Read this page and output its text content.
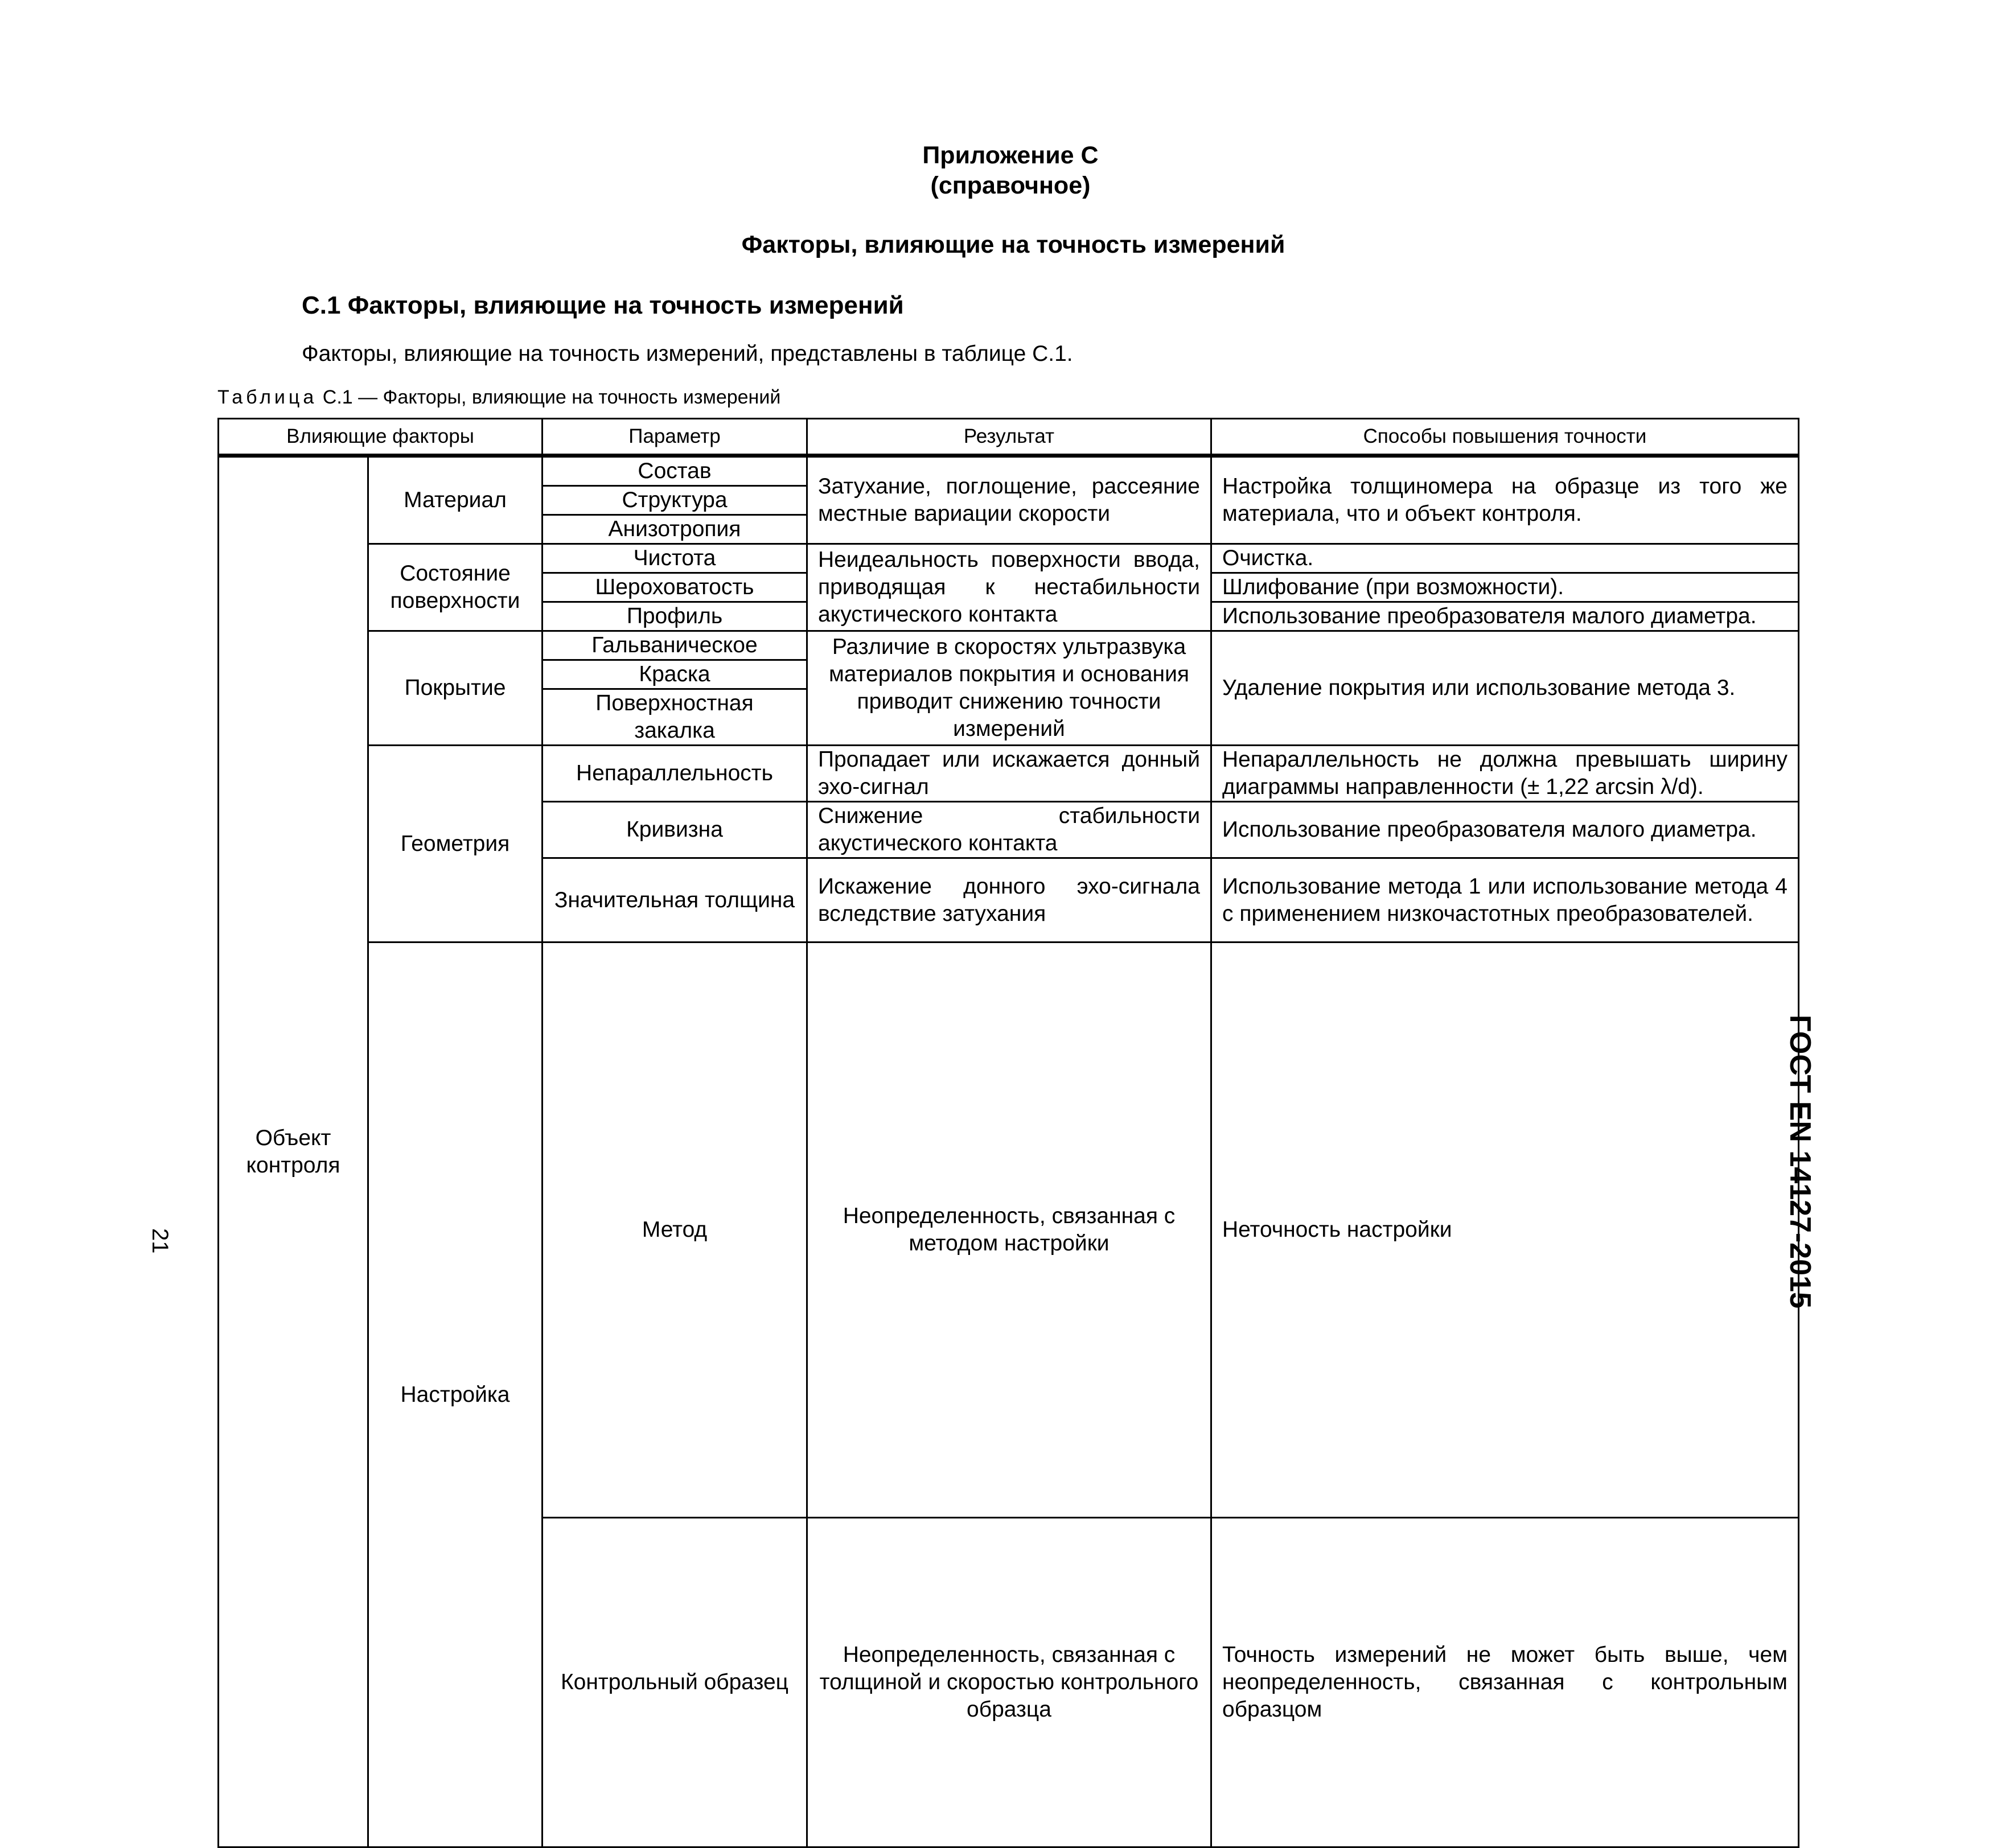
Приложение С
(справочное)
Факторы, влияющие на точность измерений
С.1 Факторы, влияющие на точность измерений
Факторы, влияющие на точность измерений, представлены в таблице С.1.
Таблица С.1 — Факторы, влияющие на точность измерений
Влияющие факторы		Параметр	Результат	Способы повышения точности	
Объект контроля	Материал	Состав	Затухание, поглощение, рассеяние местные вариации скорости	Настройка толщиномера на образце из того же материала, что и объект контроля.	
		Структура			
		Анизотропия			
	Состояние поверхности	Чистота	Неидеальность поверхности ввода, приводящая к нестабильности акустического контакта	Очистка.	
		Шероховатость		Шлифование (при возможности).	
		Профиль		Использование преобразователя малого диаметра.	
	Покрытие	Гальваническое	Различие в скоростях ультразвука материалов покрытия и основания приводит снижению точности измерений	Удаление покрытия или использование метода 3.	
		Краска			
		Поверхностная закалка			
	Геометрия	Непараллельность	Пропадает или искажается донный эхо-сигнал	Непараллельность не должна превышать ширину диаграммы направленности (± 1,22 arcsin λ/d).	
		Кривизна	Снижение стабильности акустического контакта	Использование преобразователя малого диаметра.	
		Значительная толщина	Искажение донного эхо-сигнала вследствие затухания	Использование метода 1 или использование метода 4 с применением низкочастотных преобразователей.	
	Настройка	Метод	Неопределенность, связанная с методом настройки	Неточность настройки	
		Контрольный образец	Неопределенность, связанная с толщиной и скоростью контрольного образца	Точность измерений не может быть выше, чем неопределенность, связанная с контрольным образцом	
ГОСТ EN 14127-2015
21
